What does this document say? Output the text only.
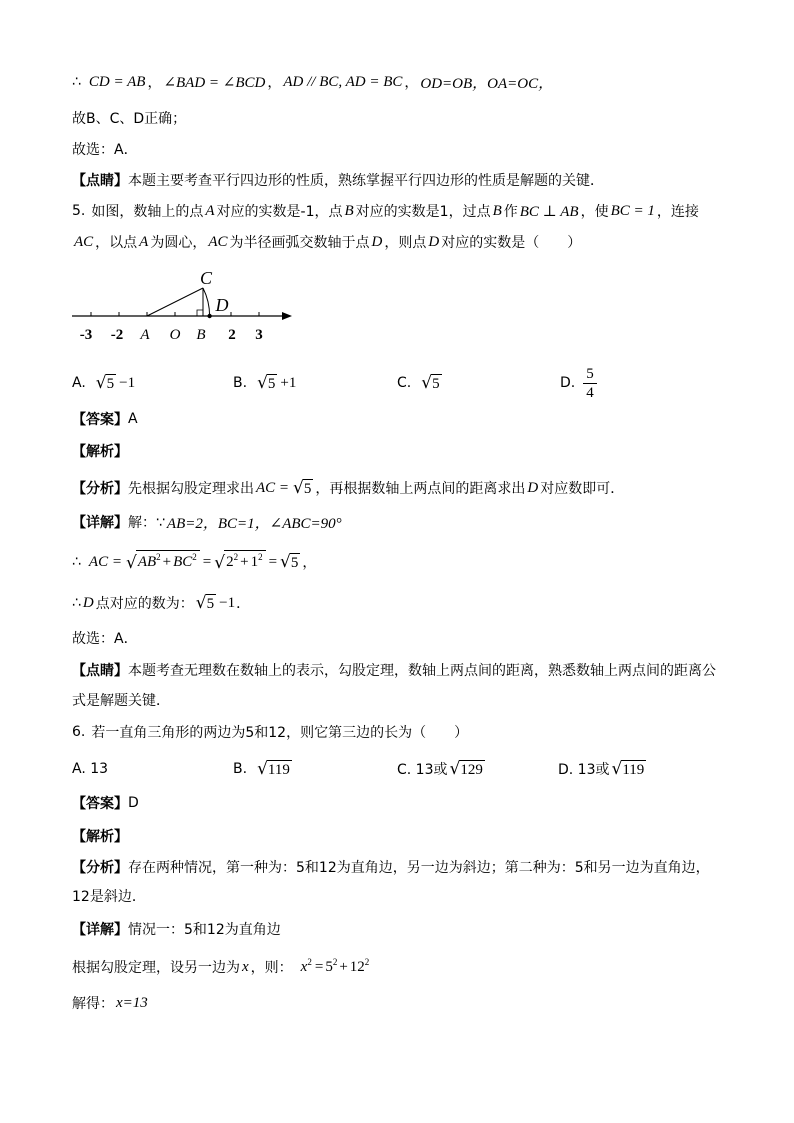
∴ CD = AB ， ∠BAD = ∠BCD ， AD // BC, AD = BC ， OD=OB，OA=OC，
故B、C、D正确；
故选：A．
【点睛】 本题主要考查平行四边形的性质，熟练掌握平行四边形的性质是解题的关键．
5. 如图，数轴上的点 A 对应的实数是-1，点 B 对应的实数是1，过点 B 作 BC ⊥ AB ，使 BC = 1 ，连接
AC ，以点 A 为圆心， AC 为半径画弧交数轴于点 D ，则点 D 对应的实数是（　　）
C
D
-3 -2 A O B 2 3
A. √ 5 −1	B. √ 5 +1	C. √ 5	D. $\frac{5}{4}$
【答案】 A
【解析】
【分析】 先根据勾股定理求出 AC = √ 5 ，再根据数轴上两点间的距离求出 D 对应数即可．
【详解】 解：∵ AB=2，BC=1，∠ABC=90°
∴ AC = √ $AB^2 + BC^2$ = √ $2^2 + 1^2$ = √ 5 ，
∴ D 点对应的数为： √ 5 −1 ．
故选：A．
【点睛】 本题考查无理数在数轴上的表示，勾股定理，数轴上两点间的距离，熟悉数轴上两点间的距离公
式是解题关键．
6. 若一直角三角形的两边为5和12，则它第三边的长为（　　）
A. 13	B. √ 119	C. 13或 √ 129	D. 13或 √ 119
【答案】 D
【解析】
【分析】 存在两种情况，第一种为：5和12为直角边，另一边为斜边；第二种为：5和另一边为直角边，
12是斜边．
【详解】 情况一：5和12为直角边
根据勾股定理，设另一边为 x ，则： $x^2 = 5^2 + 12^2$
解得： x=13
